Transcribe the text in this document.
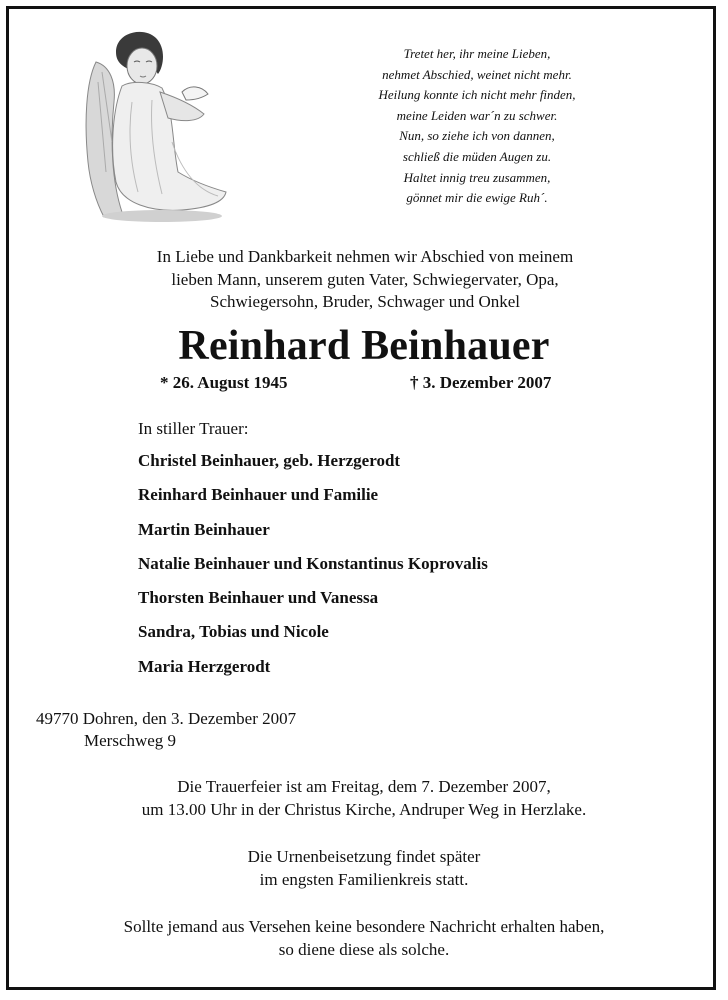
Tretet her, ihr meine Lieben,
nehmet Abschied, weinet nicht mehr.
Heilung konnte ich nicht mehr finden,
meine Leiden war´n zu schwer.
Nun, so ziehe ich von dannen,
schließ die müden Augen zu.
Haltet innig treu zusammen,
gönnet mir die ewige Ruh´.
In Liebe und Dankbarkeit nehmen wir Abschied von meinem
lieben Mann, unserem guten Vater, Schwiegervater, Opa,
Schwiegersohn, Bruder, Schwager und Onkel
Reinhard Beinhauer
* 26. August 1945	† 3. Dezember 2007
In stiller Trauer:
Christel Beinhauer, geb. Herzgerodt
Reinhard Beinhauer und Familie
Martin Beinhauer
Natalie Beinhauer und Konstantinus Koprovalis
Thorsten Beinhauer und Vanessa
Sandra, Tobias und Nicole
Maria Herzgerodt
49770 Dohren, den 3. Dezember 2007
Merschweg 9
Die Trauerfeier ist am Freitag, dem 7. Dezember 2007,
um 13.00 Uhr in der Christus Kirche, Andruper Weg in Herzlake.
Die Urnenbeisetzung findet später
im engsten Familienkreis statt.
Sollte jemand aus Versehen keine besondere Nachricht erhalten haben,
so diene diese als solche.
